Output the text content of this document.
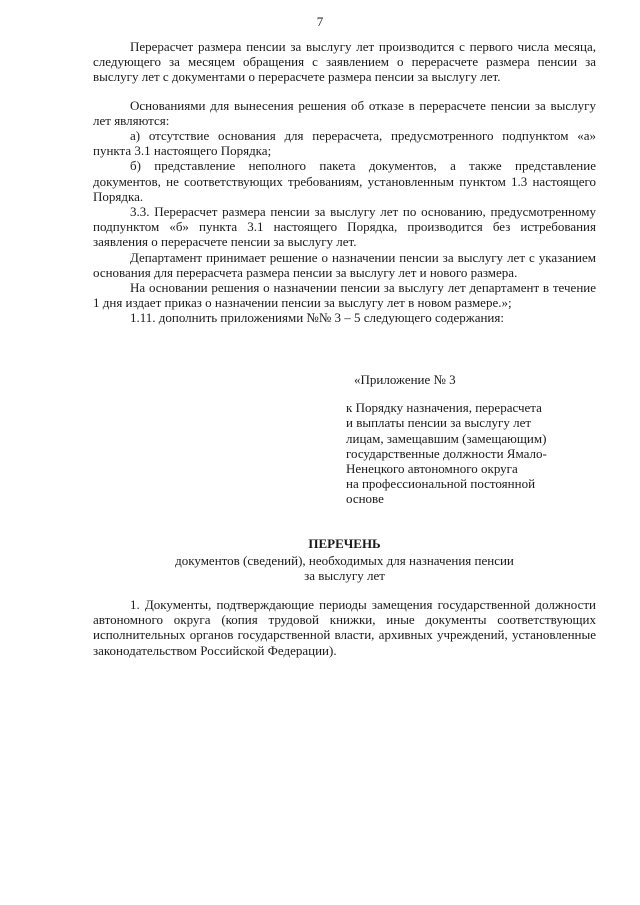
7

Перерасчет размера пенсии за выслугу лет производится с первого числа месяца, следующего за месяцем обращения с заявлением о перерасчете размера пенсии за выслугу лет с документами о перерасчете размера пенсии за выслугу лет.

Основаниями для вынесения решения об отказе в перерасчете пенсии за выслугу лет являются:

а) отсутствие основания для перерасчета, предусмотренного подпунктом «а» пункта 3.1 настоящего Порядка;

б) представление неполного пакета документов, а также представление документов, не соответствующих требованиям, установленным пунктом 1.3 настоящего Порядка.

3.3. Перерасчет размера пенсии за выслугу лет по основанию, предусмотренному подпунктом «б» пункта 3.1 настоящего Порядка, производится без истребования заявления о перерасчете пенсии за выслугу лет.

Департамент принимает решение о назначении пенсии за выслугу лет с указанием основания для перерасчета размера пенсии за выслугу лет и нового размера.

На основании решения о назначении пенсии за выслугу лет департамент в течение 1 дня издает приказ о назначении пенсии за выслугу лет в новом размере.»;

1.11. дополнить приложениями №№ 3 – 5 следующего содержания:

«Приложение № 3

к Порядку назначения, перерасчета
и выплаты пенсии за выслугу лет
лицам, замещавшим (замещающим)
государственные должности Ямало-
Ненецкого автономного округа
на профессиональной постоянной
основе

ПЕРЕЧЕНЬ

документов (сведений), необходимых для назначения пенсии

за выслугу лет

1. Документы, подтверждающие периоды замещения государственной должности автономного округа (копия трудовой книжки, иные документы соответствующих исполнительных органов государственной власти, архивных учреждений, установленные законодательством Российской Федерации).
